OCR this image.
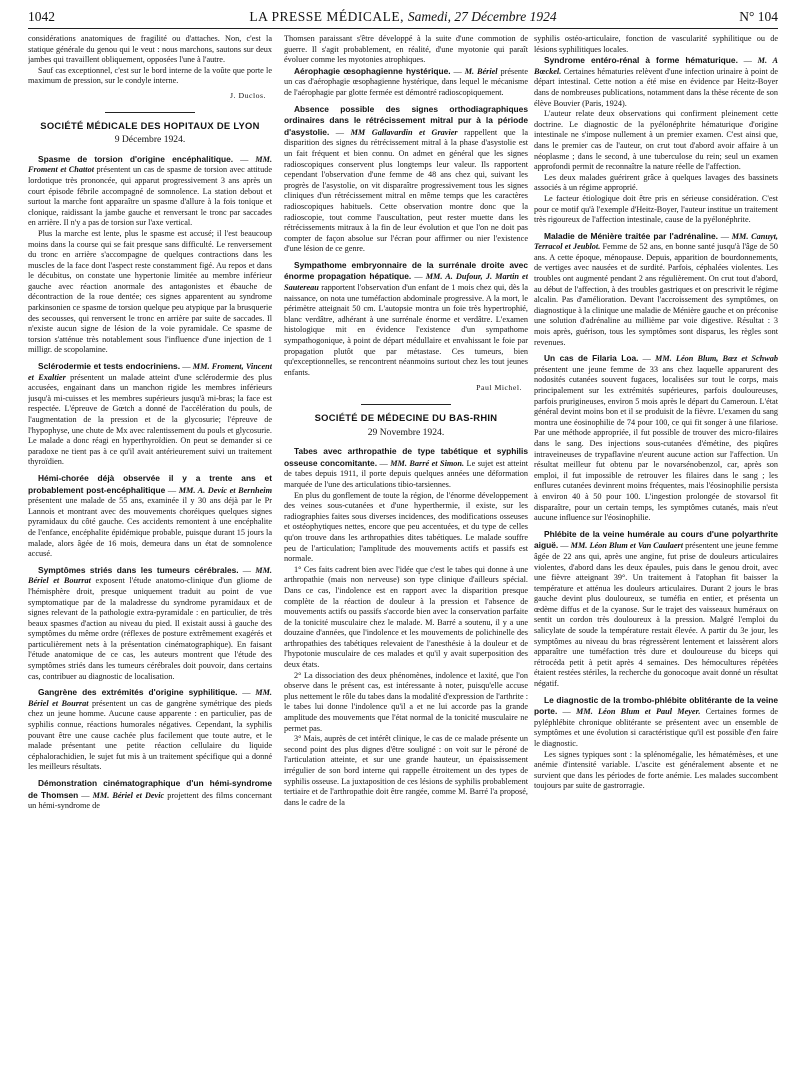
1042	LA PRESSE MÉDICALE, Samedi, 27 Décembre 1924	N° 104

considérations anatomiques de fragilité ou d'attaches. Non, c'est la statique générale du genou qui le veut : nous marchons, sautons sur deux jambes qui travaillent obliquement, opposées l'une à l'autre.

Sauf cas exceptionnel, c'est sur le bord interne de la voûte que porte le maximum de pression, sur le condyle interne.

J. Duclos.
SOCIÉTÉ MÉDICALE DES HOPITAUX DE LYON
9 Décembre 1924.

Spasme de torsion d'origine encéphalitique. — MM. Froment et Chattot présentent un cas de spasme de torsion avec attitude lordotique très prononcée, qui apparut progressivement 3 ans après un court épisode fébrile accompagné de somnolence. La station debout et surtout la marche font apparaître un spasme d'allure à la fois tonique et clonique, raidissant la jambe gauche et renversant le tronc par saccades en arrière. Il n'y a pas de torsion sur l'axe vertical.

Plus la marche est lente, plus le spasme est accusé; il l'est beaucoup moins dans la course qui se fait presque sans difficulté. Le renversement du tronc en arrière s'accompagne de quelques contractions dans les muscles de la face dont l'aspect reste constamment figé. Au repos et dans le décubitus, on constate une hypertonie limitée au membre inférieur gauche avec réaction anormale des antagonistes et ébauche de décontraction de la roue dentée; ces signes apparentent au syndrome parkinsonien ce spasme de torsion quelque peu atypique par la brusquerie des secousses, qui renversent le tronc en arrière par suite de saccades. Il n'existe aucun signe de lésion de la voie pyramidale. Ce spasme de torsion s'atténue très notablement sous l'influence d'une injection de 1 milligr. de scopolamine.

Sclérodermie et tests endocriniens. — MM. Froment, Vincent et Exaltier présentent un malade atteint d'une sclérodermie des plus accusées, engainant dans un manchon rigide les membres inférieurs jusqu'à mi-cuisses et les membres supérieurs jusqu'à mi-bras; la face est respectée. L'épreuve de Gœtch a donné de l'accélération du pouls, de l'augmentation de la pression et de la glycosurie; l'épreuve de l'hypophyse, une chute de Mx avec ralentissement du pouls et glycosurie. Le malade a donc réagi en hyperthyroïdien. On peut se demander si ce paradoxe ne tient pas à ce qu'il avait antérieurement suivi un traitement thyroïdien.

Hémi-chorée déjà observée il y a trente ans et probablement post-encéphalitique — MM. A. Devic et Bernheim présentent une malade de 55 ans, examinée il y 30 ans déjà par le Pr Lannois et montrant avec des mouvements choréiques quelques signes pyramidaux du côté gauche. Ces accidents remontent à une encéphalite de l'enfance, encéphalite épidémique probable, puisque durant 15 jours la malade, alors âgée de 16 mois, demeura dans un état de somnolence accusé.

Symptômes striés dans les tumeurs cérébrales. — MM. Bériel et Bourrat exposent l'étude anatomo-clinique d'un gliome de l'hémisphère droit, presque uniquement traduit au point de vue symptomatique par de la maladresse du syndrome pyramidaux et de signes relevant de la pathologie extra-pyramidale : en particulier, de très beaux spasmes d'action au niveau du pied. Il existait aussi à gauche des symptômes du même ordre (réflexes de posture extrêmement exagérés et particulièrement nets à la présentation cinématographique). En faisant l'étude anatomique de ce cas, les auteurs montrent que l'étude des symptômes striés dans les tumeurs cérébrales doit pouvoir, dans certains cas, contribuer au diagnostic de localisation.

Gangrène des extrémités d'origine syphilitique. — MM. Bériel et Bourrat présentent un cas de gangrène symétrique des pieds chez un jeune homme. Aucune cause apparente : en particulier, pas de syphilis connue, réactions humorales négatives. Cependant, la syphilis pouvant être une cause cachée plus facilement que toute autre, et le malade présentant une petite réaction cellulaire du liquide céphalorachidien, le sujet fut mis à un traitement spécifique qui a donné les meilleurs résultats.

Démonstration cinématographique d'un hémi-syndrome de Thomsen — MM. Bériel et Devic projettent des films concernant un hémi-syndrome de

Thomsen paraissant s'être développé à la suite d'une commotion de guerre. Il s'agit probablement, en réalité, d'une myotonie qui paraît évoluer comme les myotonies atrophiques.

Aérophagie œsophagienne hystérique. — M. Bériel présente un cas d'aérophagie œsophagienne hystérique, dans lequel le mécanisme de l'aérophagie par glotte fermée est démontré radioscopiquement.

Absence possible des signes orthodiagraphiques ordinaires dans le rétrécissement mitral pur à la période d'asystolie. — MM Gallavardin et Gravier rappellent que la disparition des signes du rétrécissement mitral à la phase d'asystolie est un fait fréquent et bien connu. On admet en général que les signes radioscopiques conservent plus longtemps leur valeur. Ils rapportent cependant l'observation d'une femme de 48 ans chez qui, suivant les progrès de l'asystolie, on vit disparaître progressivement tous les signes cliniques d'un rétrécissement mitral en même temps que les caractères radioscopiques habituels. Cette observation montre donc que la radioscopie, tout comme l'auscultation, peut rester muette dans les rétrécissements mitraux à la fin de leur évolution et que l'on ne doit pas compter de façon absolue sur l'écran pour affirmer ou nier l'existence d'une lésion de ce genre.

Sympathome embryonnaire de la surrénale droite avec énorme propagation hépatique. — MM. A. Dufour, J. Martin et Sautereau rapportent l'observation d'un enfant de 1 mois chez qui, dès la naissance, on nota une tuméfaction abdominale progressive. A la mort, le périmètre atteignait 50 cm. L'autopsie montra un foie très hypertrophié, blanc verdâtre, adhérant à une surrénale énorme et verdâtre. L'examen histologique mit en évidence l'existence d'un sympathome sympathogonique, à point de départ médullaire et envahissant le foie par propagation plutôt que par métastase. Ces tumeurs, bien qu'exceptionnelles, se rencontrent néanmoins surtout chez les tout jeunes enfants.

Paul Michel.
SOCIÉTÉ DE MÉDECINE DU BAS-RHIN
29 Novembre 1924.

Tabes avec arthropathie de type tabétique et syphilis osseuse concomitante. — MM. Barré et Simon. Le sujet est atteint de tabes depuis 1911, il porte depuis quelques années une déformation marquée de l'une des articulations tibio-tarsiennes.

En plus du gonflement de toute la région, de l'énorme développement des veines sous-cutanées et d'une hyperthermie, il existe, sur les radiographies faites sous diverses incidences, des modifications osseuses et ostéophytiques nettes, encore que peu accentuées, et du type de celles qu'on trouve dans les arthropathies dites tabétiques. Le malade souffre peu de l'articulation; l'amplitude des mouvements actifs et passifs est normale.

1° Ces faits cadrent bien avec l'idée que c'est le tabes qui donne à une arthropathie (mais non nerveuse) son type clinique d'ailleurs spécial. Dans ce cas, l'indolence est en rapport avec la disparition presque complète de la réaction de douleur à la pression et l'absence de mouvements actifs ou passifs s'accorde bien avec la conservation parfaite de la tonicité musculaire chez le malade. M. Barré a soutenu, il y a une douzaine d'années, que l'indolence et les mouvements de polichinelle des arthropathies des tabétiques relevaient de l'anesthésie à la douleur et de l'hypotonie musculaire de ces malades et qu'il y avait superposition des deux états.

2° La dissociation des deux phénomènes, indolence et laxité, que l'on observe dans le présent cas, est intéressante à noter, puisqu'elle accuse plus nettement le rôle du tabes dans la modalité d'expression de l'arthrite : le tabes lui donne l'indolence qu'il a et ne lui accorde pas la grande amplitude des mouvements que l'état normal de la tonicité musculaire ne permet pas.

3° Mais, auprès de cet intérêt clinique, le cas de ce malade présente un second point des plus dignes d'être souligné : on voit sur le péroné de l'articulation atteinte, et sur une grande hauteur, un épaississement irrégulier de son bord interne qui rappelle étroitement un des types de syphilis osseuse. La juxtaposition de ces lésions de syphilis probablement tertiaire et de l'arthropathie doit être rangée, comme M. Barré l'a proposé, dans le cadre de la

syphilis ostéo-articulaire, fonction de vascularité syphilitique ou de lésions syphilitiques locales.

Syndrome entéro-rénal à forme hématurique. — M. A Bœckel. Certaines hématuries relèvent d'une infection urinaire à point de départ intestinal. Cette notion a été mise en évidence par Heitz-Boyer dans de nombreuses publications, notamment dans la thèse récente de son élève Bouvier (Paris, 1924).

L'auteur relate deux observations qui confirment pleinement cette doctrine. Le diagnostic de la pyélonéphrite hématurique d'origine intestinale ne s'impose nullement à un premier examen. C'est ainsi que, dans le premier cas de l'auteur, on crut tout d'abord avoir affaire à un néoplasme ; dans le second, à une tuberculose du rein; seul un examen approfondi permit de reconnaître la nature réelle de l'affection.

Les deux malades guérirent grâce à quelques lavages des bassinets associés à un régime approprié.

Le facteur étiologique doit être pris en sérieuse considération. C'est pour ce motif qu'à l'exemple d'Heitz-Boyer, l'auteur institue un traitement très rigoureux de l'affection intestinale, cause de la pyélonéphrite.

Maladie de Ménière traitée par l'adrénaline. — MM. Canuyt, Terracol et Jeublot. Femme de 52 ans, en bonne santé jusqu'à l'âge de 50 ans. A cette époque, ménopause. Depuis, apparition de bourdonnements, de vertiges avec nausées et de surdité. Parfois, céphalées violentes. Les troubles ont augmenté pendant 2 ans régulièrement. On crut tout d'abord, au début de l'affection, à des troubles gastriques et on prescrivit le régime alcalin. Pas d'amélioration. Devant l'accroissement des symptômes, on diagnostique à la clinique une maladie de Ménière gauche et on préconise une solution d'adrénaline au millième par voie digestive. Résultat : 3 mois après, guérison, tous les symptômes sont disparus, les règles sont revenues.

Un cas de Filaria Loa. — MM. Léon Blum, Bœz et Schwab présentent une jeune femme de 33 ans chez laquelle apparurent des nodosités cutanées souvent fugaces, localisées sur tout le corps, mais principalement sur les extrémités supérieures, parfois douloureuses, parfois prurigineuses, environ 5 mois après le départ du Cameroun. L'état général devint moins bon et il se produisit de la fièvre. L'examen du sang montra une éosinophilie de 74 pour 100, ce qui fit songer à une filariose. Par une méthode appropriée, il fut possible de trouver des micro-filaires dans le sang. Des injections sous-cutanées d'émétine, des piqûres intraveineuses de trypaflavine n'eurent aucune action sur l'affection. Un résultat meilleur fut obtenu par le novarsénobenzol, car, après son emploi, il fut impossible de retrouver les filaires dans le sang ; les enflures cutanées devinrent moins fréquentes, mais l'éosinophilie persista à environ 40 à 50 pour 100. L'ingestion prolongée de stovarsol fit disparaître, pour un certain temps, les symptômes cutanés, mais n'eut aucune influence sur l'éosinophilie.

Phlébite de la veine humérale au cours d'une polyarthrite aiguë. — MM. Léon Blum et Van Caulaert présentent une jeune femme âgée de 22 ans qui, après une angine, fut prise de douleurs articulaires violentes, d'abord dans les deux épaules, puis dans le genou droit, avec une fièvre atteignant 39°. Un traitement à l'atophan fit baisser la température et atténua les douleurs articulaires. Durant 2 jours le bras gauche devint plus douloureux, se tuméfia en entier, et présenta un œdème diffus et de la cyanose. Sur le trajet des vaisseaux huméraux on sentit un cordon très douloureux à la pression. Malgré l'emploi du salicylate de soude la température restait élevée. A partir du 3e jour, les symptômes au niveau du bras régressèrent lentement et laissèrent alors apparaître une tuméfaction très dure et douloureuse du biceps qui rétrocéda petit à petit après 4 semaines. Des hémocultures répétées étaient restées stériles, la recherche du gonocoque avait donné un résultat négatif.

Le diagnostic de la trombo-phlébite oblitérante de la veine porte. — MM. Léon Blum et Paul Meyer. Certaines formes de pyléphlébite chronique oblitérante se présentent avec un ensemble de symptômes et une évolution si caractéristique qu'il est possible d'en faire le diagnostic.

Les signes typiques sont : la splénomégalie, les hématémèses, et une anémie d'intensité variable. L'ascite est généralement absente et ne survient que dans les périodes de forte anémie. Les malades succombent toujours par suite de gastrorragie.
